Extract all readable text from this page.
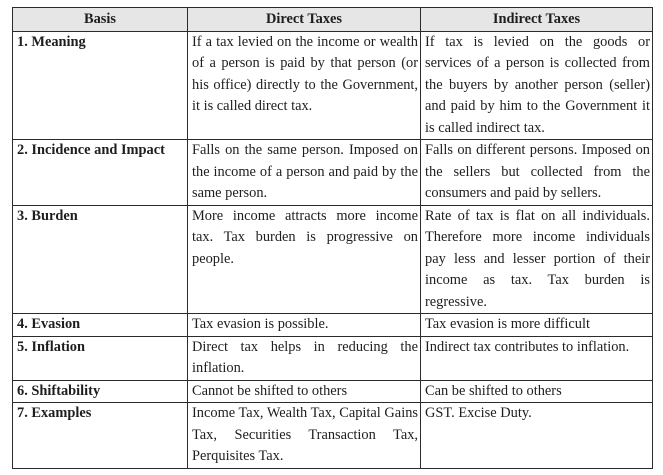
Basis	Direct Taxes	Indirect Taxes
1. Meaning	If a tax levied on the income or wealth of a person is paid by that person (or his office) directly to the Government, it is called direct tax.	If tax is levied on the goods or services of a person is collected from the buyers by another person (seller) and paid by him to the Government it is called indirect tax.
2. Incidence and Impact	Falls on the same person. Imposed on the income of a person and paid by the same person.	Falls on different persons. Imposed on the sellers but collected from the consumers and paid by sellers.
3. Burden	More income attracts more income tax. Tax burden is progressive on people.	Rate of tax is flat on all individuals. Therefore more income individuals pay less and lesser portion of their income as tax. Tax burden is regressive.
4. Evasion	Tax evasion is possible.	Tax evasion is more difficult
5. Inflation	Direct tax helps in reducing the inflation.	Indirect tax contributes to inflation.
6. Shiftability	Cannot be shifted to others	Can be shifted to others
7. Examples	Income Tax, Wealth Tax, Capital Gains Tax, Securities Transaction Tax, Perquisites Tax.	GST. Excise Duty.
